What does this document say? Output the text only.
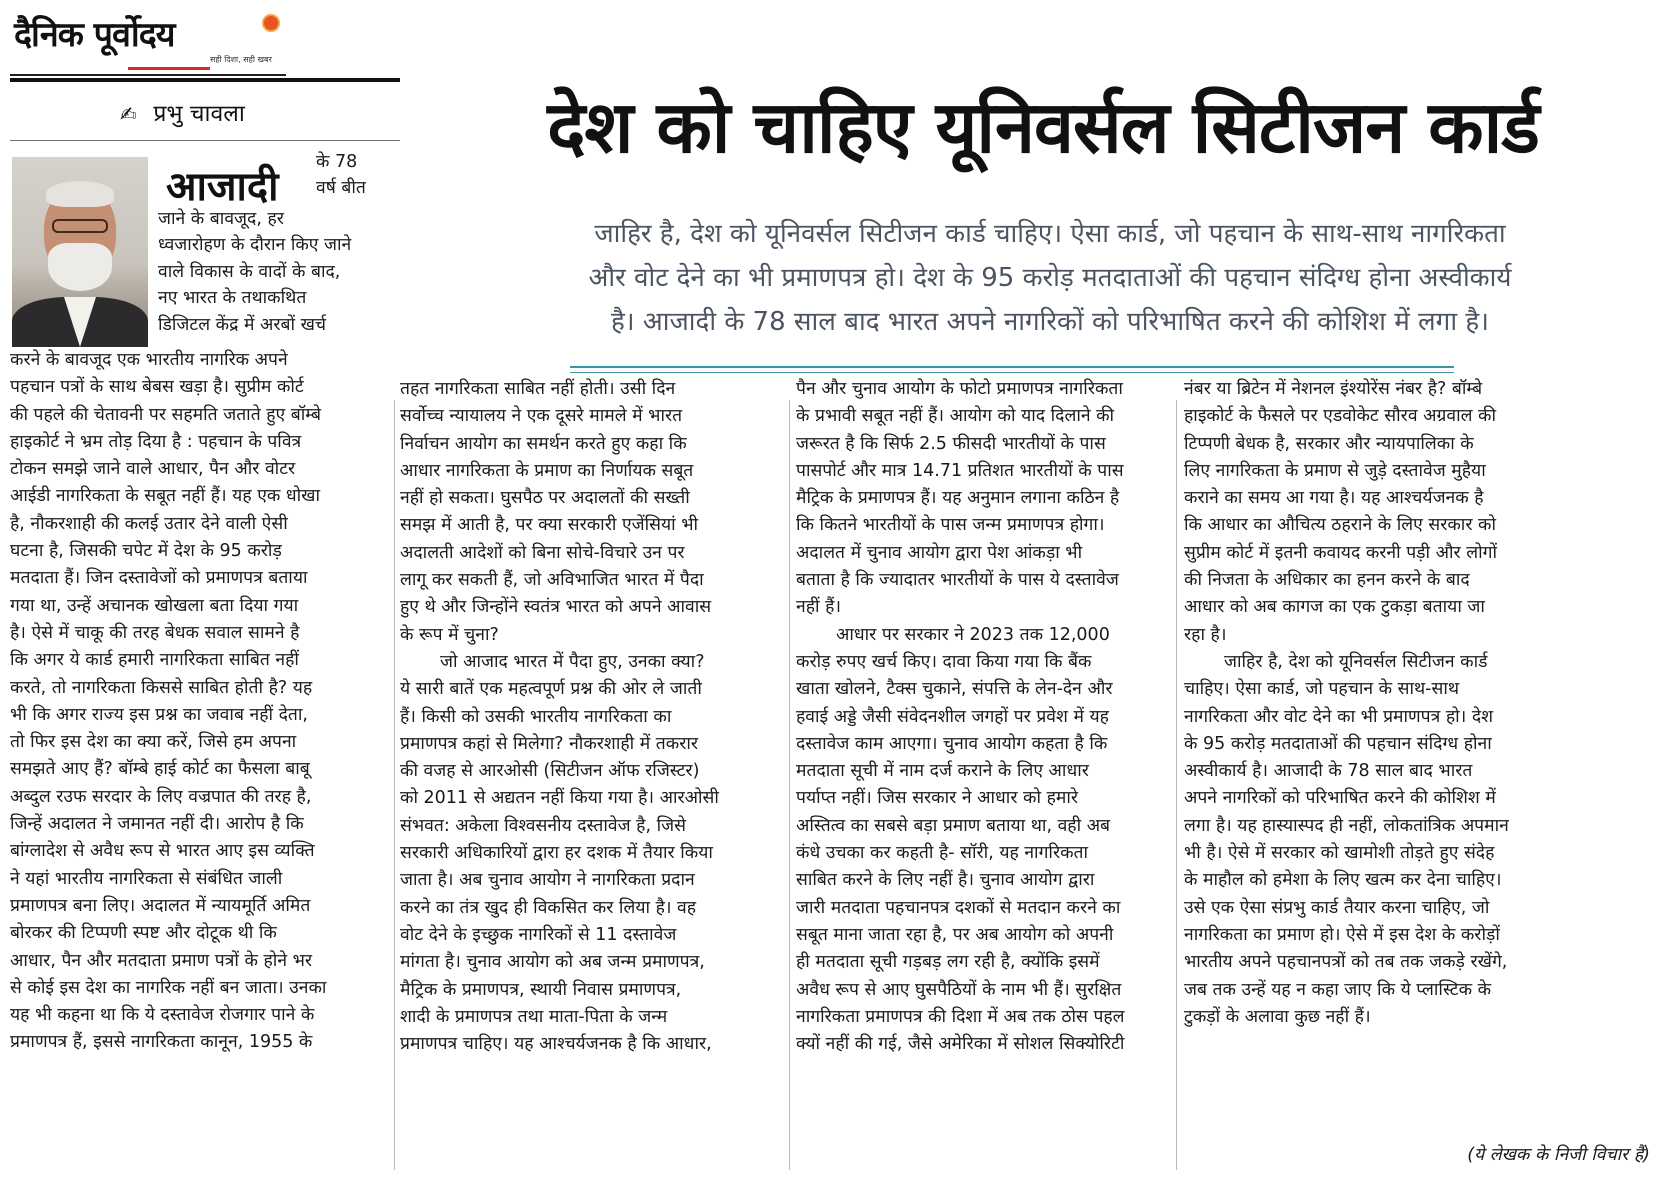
दैनिक पूर्वोदय
सही दिशा, सही खबर
✍ प्रभु चावला
आजादी
देश को चाहिए यूनिवर्सल सिटीजन कार्ड
जाहिर है, देश को यूनिवर्सल सिटीजन कार्ड चाहिए। ऐसा कार्ड, जो पहचान के साथ-साथ नागरिकता
और वोट देने का भी प्रमाणपत्र हो। देश के 95 करोड़ मतदाताओं की पहचान संदिग्ध होना अस्वीकार्य
है। आजादी के 78 साल बाद भारत अपने नागरिकों को परिभाषित करने की कोशिश में लगा है।
के 78
वर्ष बीत
जाने के बावजूद, हर
ध्वजारोहण के दौरान किए जाने
वाले विकास के वादों के बाद,
नए भारत के तथाकथित
डिजिटल केंद्र में अरबों खर्च
करने के बावजूद एक भारतीय नागरिक अपने
पहचान पत्रों के साथ बेबस खड़ा है। सुप्रीम कोर्ट
की पहले की चेतावनी पर सहमति जताते हुए बॉम्बे
हाइकोर्ट ने भ्रम तोड़ दिया है : पहचान के पवित्र
टोकन समझे जाने वाले आधार, पैन और वोटर
आईडी नागरिकता के सबूत नहीं हैं। यह एक धोखा
है, नौकरशाही की कलई उतार देने वाली ऐसी
घटना है, जिसकी चपेट में देश के 95 करोड़
मतदाता हैं। जिन दस्तावेजों को प्रमाणपत्र बताया
गया था, उन्हें अचानक खोखला बता दिया गया
है। ऐसे में चाकू की तरह बेधक सवाल सामने है
कि अगर ये कार्ड हमारी नागरिकता साबित नहीं
करते, तो नागरिकता किससे साबित होती है? यह
भी कि अगर राज्य इस प्रश्न का जवाब नहीं देता,
तो फिर इस देश का क्या करें, जिसे हम अपना
समझते आए हैं? बॉम्बे हाई कोर्ट का फैसला बाबू
अब्दुल रउफ सरदार के लिए वज्रपात की तरह है,
जिन्हें अदालत ने जमानत नहीं दी। आरोप है कि
बांग्लादेश से अवैध रूप से भारत आए इस व्यक्ति
ने यहां भारतीय नागरिकता से संबंधित जाली
प्रमाणपत्र बना लिए। अदालत में न्यायमूर्ति अमित
बोरकर की टिप्पणी स्पष्ट और दोटूक थी कि
आधार, पैन और मतदाता प्रमाण पत्रों के होने भर
से कोई इस देश का नागरिक नहीं बन जाता। उनका
यह भी कहना था कि ये दस्तावेज रोजगार पाने के
प्रमाणपत्र हैं, इससे नागरिकता कानून, 1955 के
तहत नागरिकता साबित नहीं होती। उसी दिन
सर्वोच्च न्यायालय ने एक दूसरे मामले में भारत
निर्वाचन आयोग का समर्थन करते हुए कहा कि
आधार नागरिकता के प्रमाण का निर्णायक सबूत
नहीं हो सकता। घुसपैठ पर अदालतों की सख्ती
समझ में आती है, पर क्या सरकारी एजेंसियां भी
अदालती आदेशों को बिना सोचे-विचारे उन पर
लागू कर सकती हैं, जो अविभाजित भारत में पैदा
हुए थे और जिन्होंने स्वतंत्र भारत को अपने आवास
के रूप में चुना?
जो आजाद भारत में पैदा हुए, उनका क्या?
ये सारी बातें एक महत्वपूर्ण प्रश्न की ओर ले जाती
हैं। किसी को उसकी भारतीय नागरिकता का
प्रमाणपत्र कहां से मिलेगा? नौकरशाही में तकरार
की वजह से आरओसी (सिटीजन ऑफ रजिस्टर)
को 2011 से अद्यतन नहीं किया गया है। आरओसी
संभवत: अकेला विश्वसनीय दस्तावेज है, जिसे
सरकारी अधिकारियों द्वारा हर दशक में तैयार किया
जाता है। अब चुनाव आयोग ने नागरिकता प्रदान
करने का तंत्र खुद ही विकसित कर लिया है। वह
वोट देने के इच्छुक नागरिकों से 11 दस्तावेज
मांगता है। चुनाव आयोग को अब जन्म प्रमाणपत्र,
मैट्रिक के प्रमाणपत्र, स्थायी निवास प्रमाणपत्र,
शादी के प्रमाणपत्र तथा माता-पिता के जन्म
प्रमाणपत्र चाहिए। यह आश्चर्यजनक है कि आधार,
पैन और चुनाव आयोग के फोटो प्रमाणपत्र नागरिकता
के प्रभावी सबूत नहीं हैं। आयोग को याद दिलाने की
जरूरत है कि सिर्फ 2.5 फीसदी भारतीयों के पास
पासपोर्ट और मात्र 14.71 प्रतिशत भारतीयों के पास
मैट्रिक के प्रमाणपत्र हैं। यह अनुमान लगाना कठिन है
कि कितने भारतीयों के पास जन्म प्रमाणपत्र होगा।
अदालत में चुनाव आयोग द्वारा पेश आंकड़ा भी
बताता है कि ज्यादातर भारतीयों के पास ये दस्तावेज
नहीं हैं।
आधार पर सरकार ने 2023 तक 12,000
करोड़ रुपए खर्च किए। दावा किया गया कि बैंक
खाता खोलने, टैक्स चुकाने, संपत्ति के लेन-देन और
हवाई अड्डे जैसी संवेदनशील जगहों पर प्रवेश में यह
दस्तावेज काम आएगा। चुनाव आयोग कहता है कि
मतदाता सूची में नाम दर्ज कराने के लिए आधार
पर्याप्त नहीं। जिस सरकार ने आधार को हमारे
अस्तित्व का सबसे बड़ा प्रमाण बताया था, वही अब
कंधे उचका कर कहती है- सॉरी, यह नागरिकता
साबित करने के लिए नहीं है। चुनाव आयोग द्वारा
जारी मतदाता पहचानपत्र दशकों से मतदान करने का
सबूत माना जाता रहा है, पर अब आयोग को अपनी
ही मतदाता सूची गड़बड़ लग रही है, क्योंकि इसमें
अवैध रूप से आए घुसपैठियों के नाम भी हैं। सुरक्षित
नागरिकता प्रमाणपत्र की दिशा में अब तक ठोस पहल
क्यों नहीं की गई, जैसे अमेरिका में सोशल सिक्योरिटी
नंबर या ब्रिटेन में नेशनल इंश्योरेंस नंबर है? बॉम्बे
हाइकोर्ट के फैसले पर एडवोकेट सौरव अग्रवाल की
टिप्पणी बेधक है, सरकार और न्यायपालिका के
लिए नागरिकता के प्रमाण से जुड़े दस्तावेज मुहैया
कराने का समय आ गया है। यह आश्चर्यजनक है
कि आधार का औचित्य ठहराने के लिए सरकार को
सुप्रीम कोर्ट में इतनी कवायद करनी पड़ी और लोगों
की निजता के अधिकार का हनन करने के बाद
आधार को अब कागज का एक टुकड़ा बताया जा
रहा है।
जाहिर है, देश को यूनिवर्सल सिटीजन कार्ड
चाहिए। ऐसा कार्ड, जो पहचान के साथ-साथ
नागरिकता और वोट देने का भी प्रमाणपत्र हो। देश
के 95 करोड़ मतदाताओं की पहचान संदिग्ध होना
अस्वीकार्य है। आजादी के 78 साल बाद भारत
अपने नागरिकों को परिभाषित करने की कोशिश में
लगा है। यह हास्यास्पद ही नहीं, लोकतांत्रिक अपमान
भी है। ऐसे में सरकार को खामोशी तोड़ते हुए संदेह
के माहौल को हमेशा के लिए खत्म कर देना चाहिए।
उसे एक ऐसा संप्रभु कार्ड तैयार करना चाहिए, जो
नागरिकता का प्रमाण हो। ऐसे में इस देश के करोड़ों
भारतीय अपने पहचानपत्रों को तब तक जकड़े रखेंगे,
जब तक उन्हें यह न कहा जाए कि ये प्लास्टिक के
टुकड़ों के अलावा कुछ नहीं हैं।
(ये लेखक के निजी विचार हैं)
